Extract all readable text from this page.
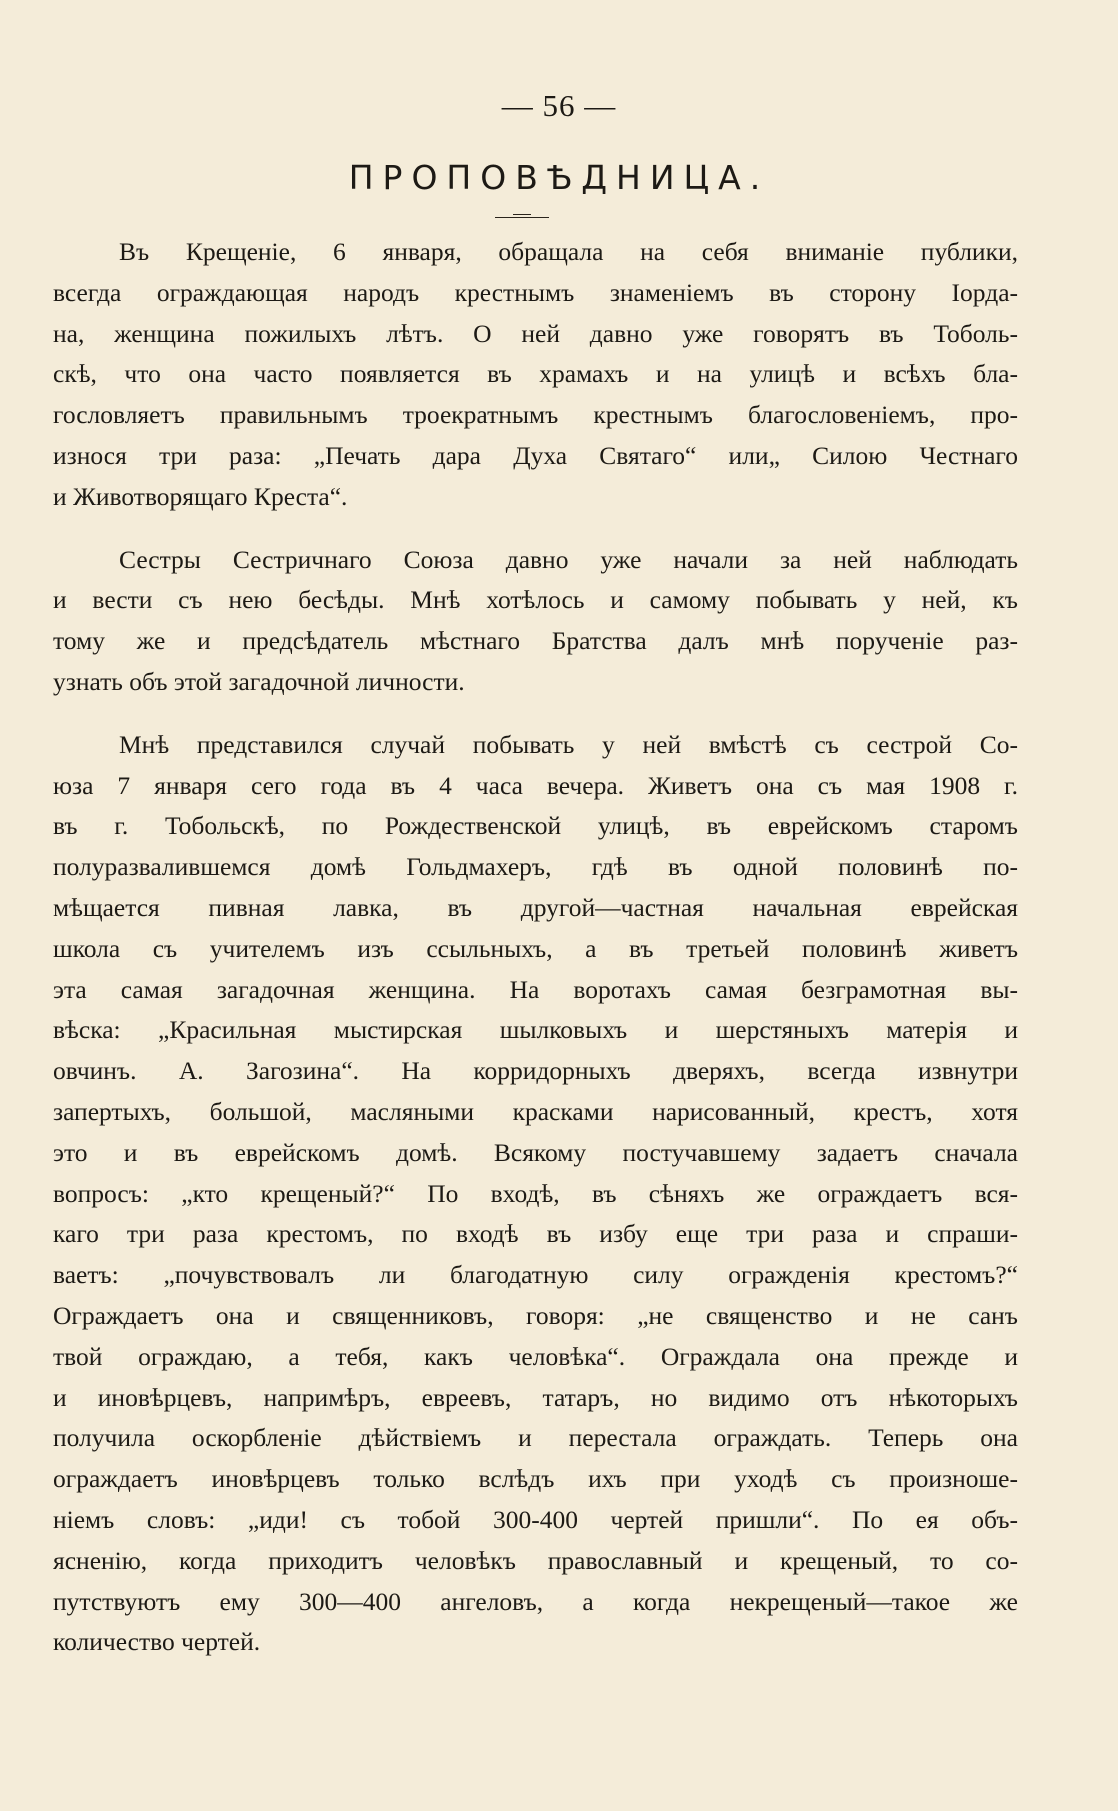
— 56 —
ПРОПОВѢДНИЦА.
Въ Крещеніе, 6 января, обращала на себя вниманіе публики,
всегда ограждающая народъ крестнымъ знаменіемъ въ сторону Іорда-
на, женщина пожилыхъ лѣтъ. О ней давно уже говорятъ въ Тоболь-
скѣ, что она часто появляется въ храмахъ и на улицѣ и всѣхъ бла-
гословляетъ правильнымъ троекратнымъ крестнымъ благословеніемъ, про-
износя три раза: „Печать дара Духа Святаго“ или„ Силою Честнаго
и Животворящаго Креста“.
Сестры Сестричнаго Союза давно уже начали за ней наблюдать
и вести съ нею бесѣды. Мнѣ хотѣлось и самому побывать у ней, къ
тому же и предсѣдатель мѣстнаго Братства далъ мнѣ порученіе раз-
узнать объ этой загадочной личности.
Мнѣ представился случай побывать у ней вмѣстѣ съ сестрой Со-
юза 7 января сего года въ 4 часа вечера. Живетъ она съ мая 1908 г.
въ г. Тобольскѣ, по Рождественской улицѣ, въ еврейскомъ старомъ
полуразвалившемся домѣ Гольдмахеръ, гдѣ въ одной половинѣ по-
мѣщается пивная лавка, въ другой—частная начальная еврейская
школа съ учителемъ изъ ссыльныхъ, а въ третьей половинѣ живетъ
эта самая загадочная женщина. На воротахъ самая безграмотная вы-
вѣска: „Красильная мыстирская шылковыхъ и шерстяныхъ матерія и
овчинъ. А. Загозина“. На корридорныхъ дверяхъ, всегда извнутри
запертыхъ, большой, масляными красками нарисованный, крестъ, хотя
это и въ еврейскомъ домѣ. Всякому постучавшему задаетъ сначала
вопросъ: „кто крещеный?“ По входѣ, въ сѣняхъ же ограждаетъ вся-
каго три раза крестомъ, по входѣ въ избу еще три раза и спраши-
ваетъ: „почувствовалъ ли благодатную силу огражденія крестомъ?“
Ограждаетъ она и священниковъ, говоря: „не священство и не санъ
твой ограждаю, а тебя, какъ человѣка“. Ограждала она прежде и
и иновѣрцевъ, напримѣръ, евреевъ, татаръ, но видимо отъ нѣкоторыхъ
получила оскорбленіе дѣйствіемъ и перестала ограждать. Теперь она
ограждаетъ иновѣрцевъ только вслѣдъ ихъ при уходѣ съ произноше-
ніемъ словъ: „иди! съ тобой 300-400 чертей пришли“. По ея объ-
ясненію, когда приходитъ человѣкъ православный и крещеный, то со-
путствуютъ ему 300—400 ангеловъ, а когда некрещеный—такое же
количество чертей.
